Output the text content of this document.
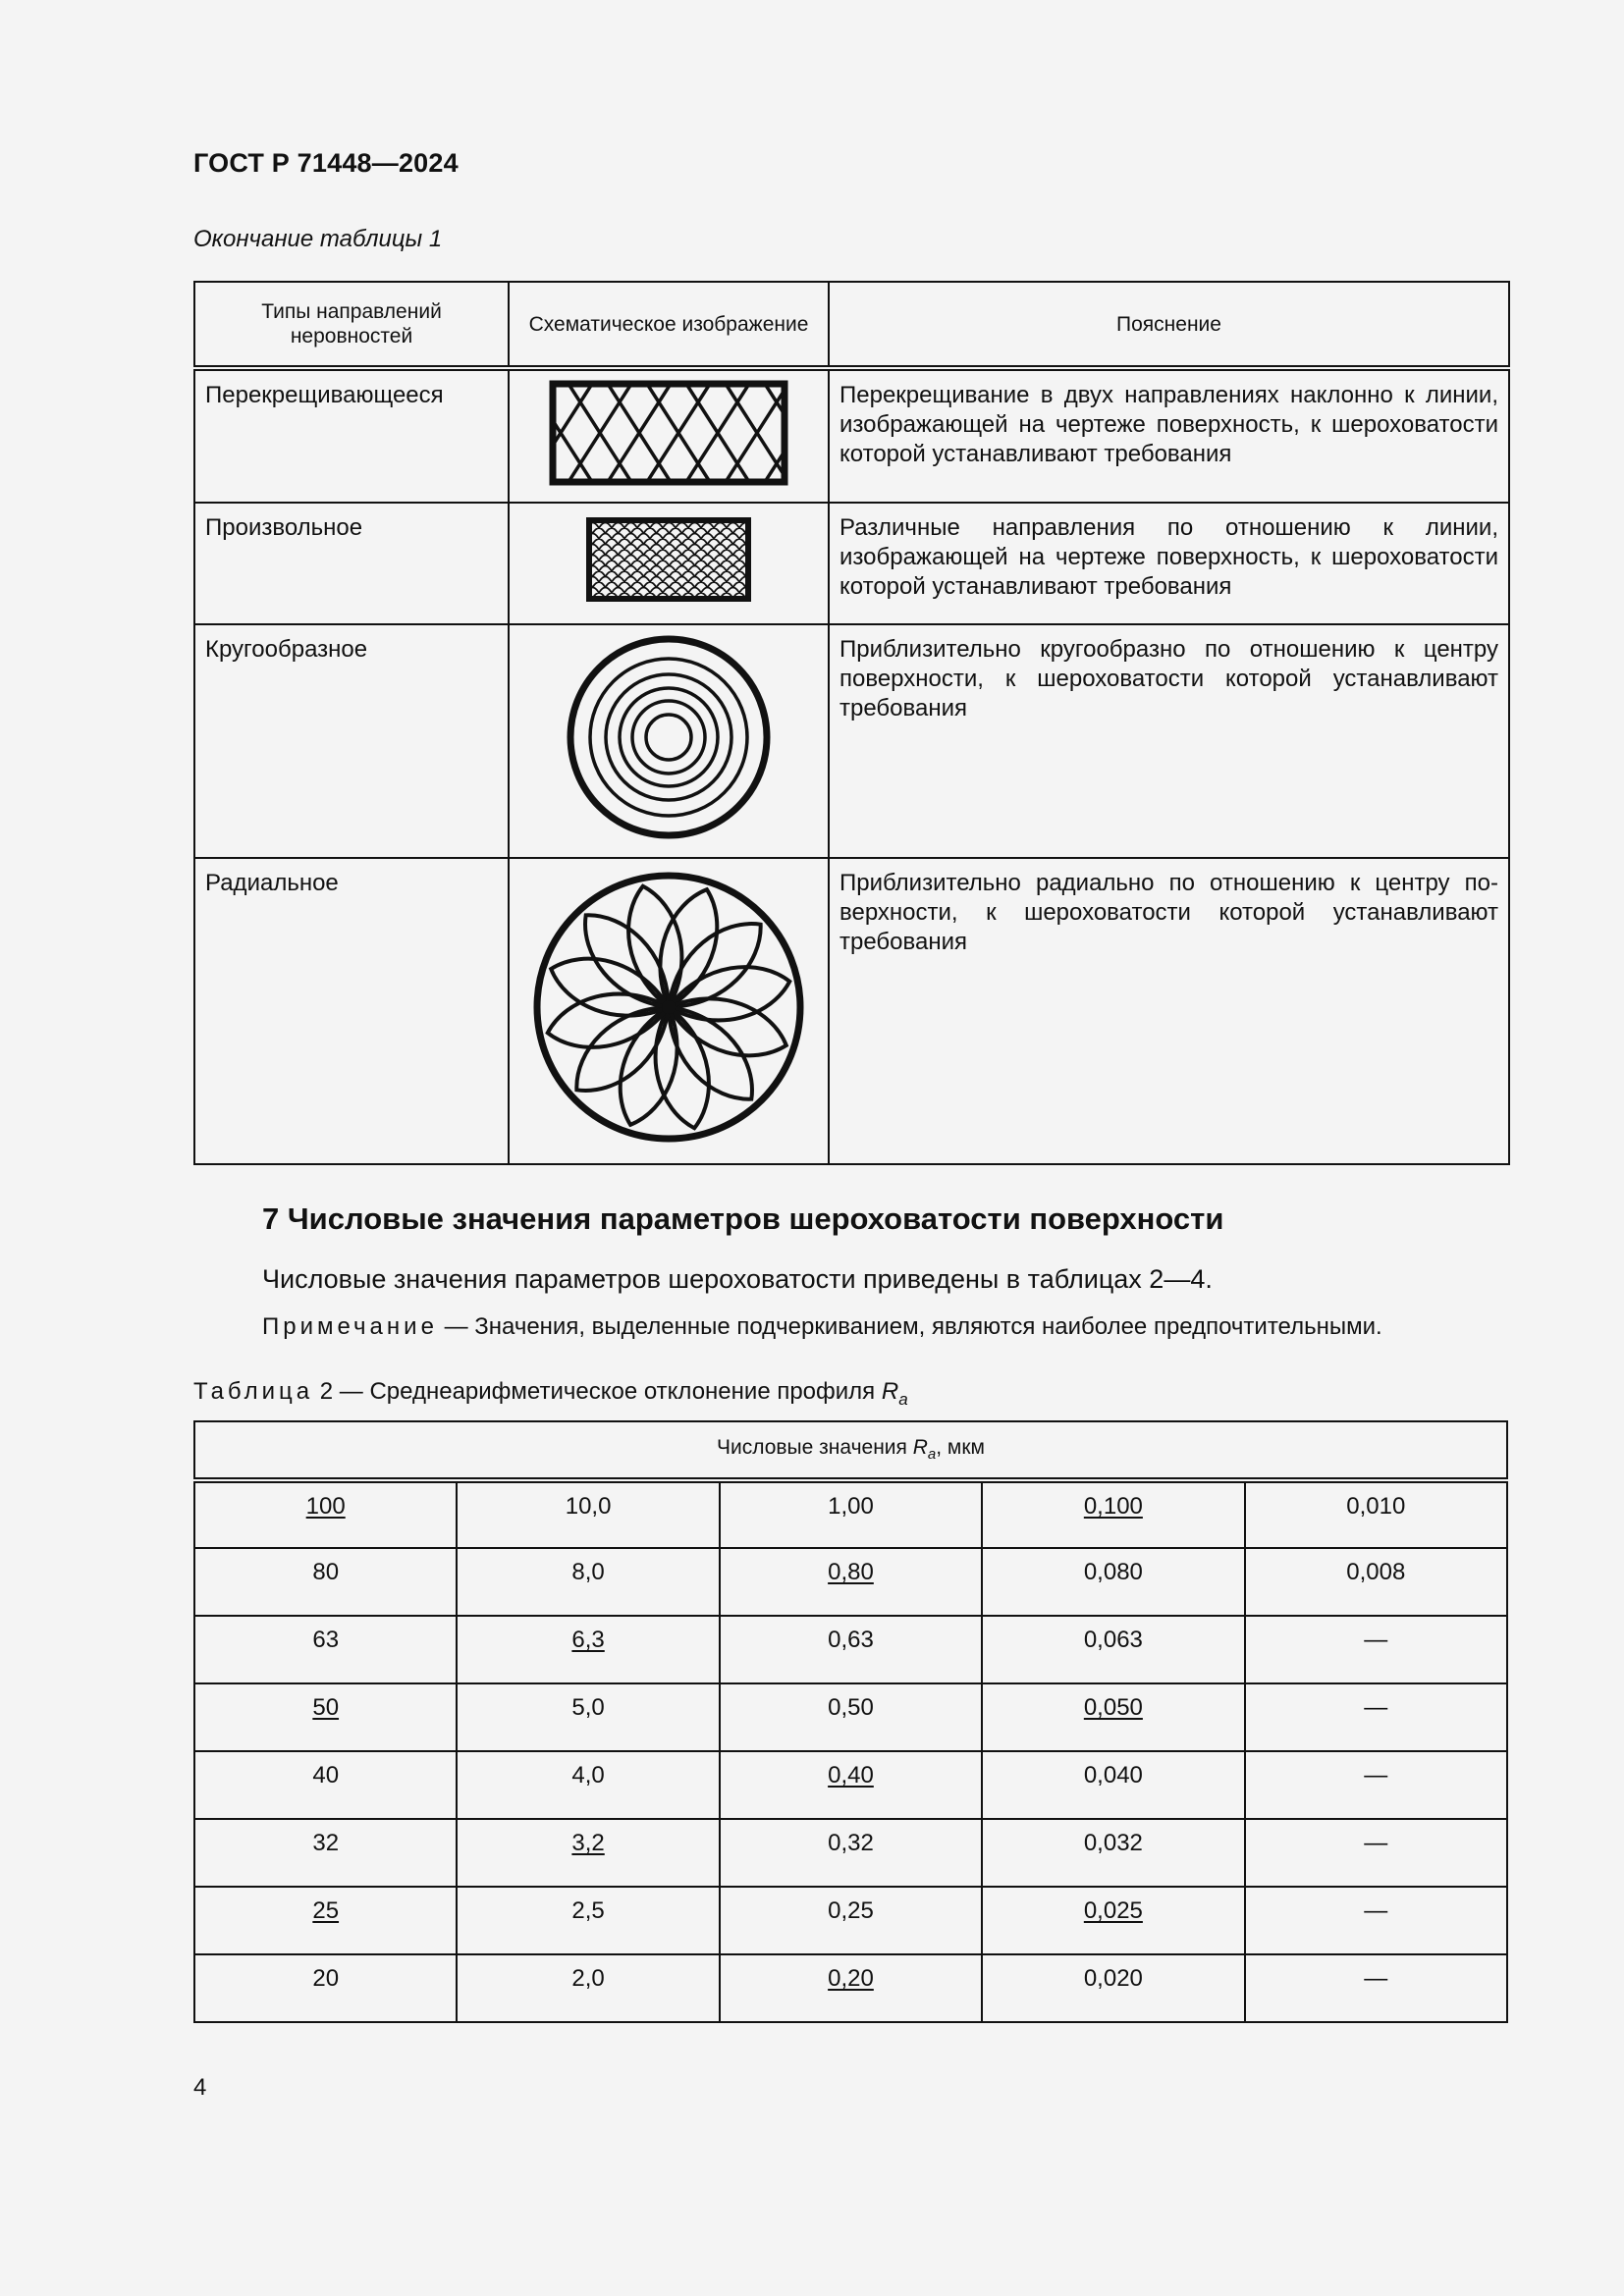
ГОСТ Р 71448—2024
Окончание таблицы 1
Типы направлений неровностей	Схематическое изображение	Пояснение
Перекрещивающееся		Перекрещивание в двух направлениях наклонно к линии, изображающей на чертеже поверхность, к шероховатости которой устанавливают требования
Произвольное		Различные направления по отношению к линии, изображающей на чертеже поверхность, к шероховатости которой устанавливают требования
Кругообразное		Приблизительно кругообразно по отношению к центру поверхности, к шероховатости которой устанавливают требования
Радиальное		Приблизительно радиально по отношению к центру поверхности, к шероховатости которой устанавливают требования
7 Числовые значения параметров шероховатости поверхности
Числовые значения параметров шероховатости приведены в таблицах 2—4.
Примечание — Значения, выделенные подчеркиванием, являются наиболее предпочтительными.
Таблица 2 — Среднеарифметическое отклонение профиля $R_a$
Числовые значения $R_a$, мкм				
100	10,0	1,00	0,100	0,010
80	8,0	0,80	0,080	0,008
63	6,3	0,63	0,063	—
50	5,0	0,50	0,050	—
40	4,0	0,40	0,040	—
32	3,2	0,32	0,032	—
25	2,5	0,25	0,025	—
20	2,0	0,20	0,020	—
4
